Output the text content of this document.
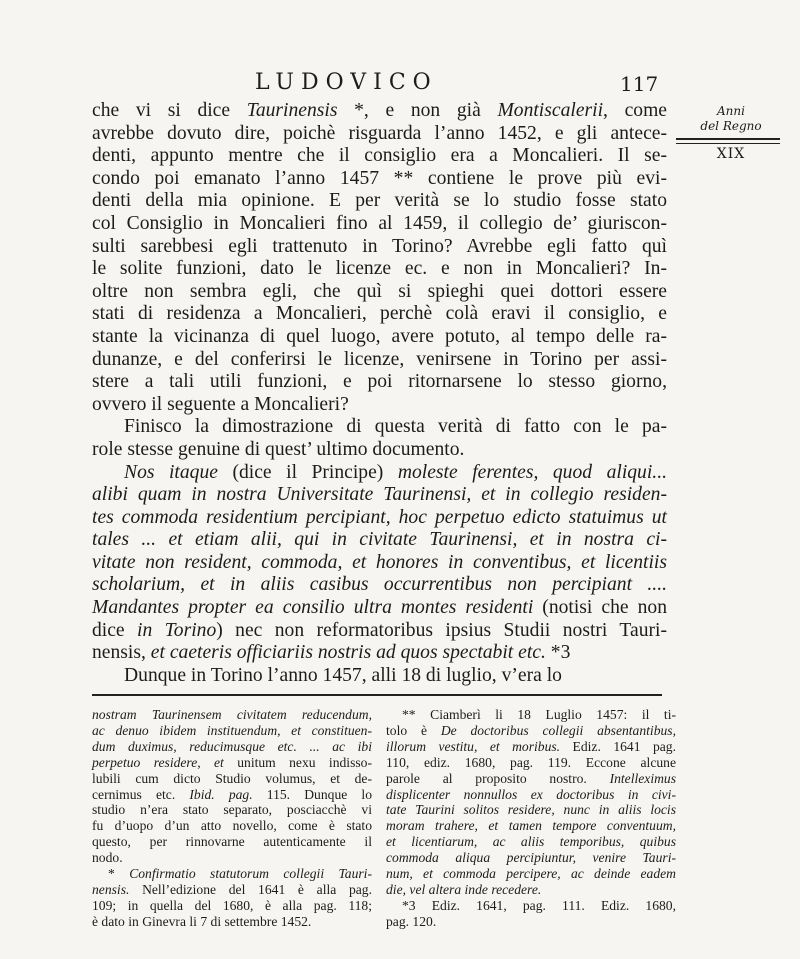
LUDOVICO	117
Anni
del Regno
XIX
che vi si dice Taurinensis *, e non già Montiscalerii, come
avrebbe dovuto dire, poichè risguarda l’anno 1452, e gli antece-
denti, appunto mentre che il consiglio era a Moncalieri. Il se-
condo poi emanato l’anno 1457 ** contiene le prove più evi-
denti della mia opinione. E per verità se lo studio fosse stato
col Consiglio in Moncalieri fino al 1459, il collegio de’ giuriscon-
sulti sarebbesi egli trattenuto in Torino? Avrebbe egli fatto quì
le solite funzioni, dato le licenze ec. e non in Moncalieri? In-
oltre non sembra egli, che quì si spieghi quei dottori essere
stati di residenza a Moncalieri, perchè colà eravi il consiglio, e
stante la vicinanza di quel luogo, avere potuto, al tempo delle ra-
dunanze, e del conferirsi le licenze, venirsene in Torino per assi-
stere a tali utili funzioni, e poi ritornarsene lo stesso giorno,
ovvero il seguente a Moncalieri?
Finisco la dimostrazione di questa verità di fatto con le pa-
role stesse genuine di quest’ ultimo documento.
Nos itaque (dice il Principe) moleste ferentes, quod aliqui...
alibi quam in nostra Universitate Taurinensi, et in collegio residen-
tes commoda residentium percipiant, hoc perpetuo edicto statuimus ut
tales ... et etiam alii, qui in civitate Taurinensi, et in nostra ci-
vitate non resident, commoda, et honores in conventibus, et licentiis
scholarium, et in aliis casibus occurrentibus non percipiant ....
Mandantes propter ea consilio ultra montes residenti (notisi che non
dice in Torino) nec non reformatoribus ipsius Studii nostri Tauri-
nensis, et caeteris officiariis nostris ad quos spectabit etc. *3
Dunque in Torino l’anno 1457, alli 18 di luglio, v’era lo
nostram Taurinensem civitatem reducendum,
ac denuo ibidem instituendum, et constituen-
dum duximus, reducimusque etc. ... ac ibi
perpetuo residere, et unitum nexu indisso-
lubili cum dicto Studio volumus, et de-
cernimus etc. Ibid. pag. 115. Dunque lo
studio n’era stato separato, posciacchè vi
fu d’uopo d’un atto novello, come è stato
questo, per rinnovarne autenticamente il
nodo.
* Confirmatio statutorum collegii Tauri-
nensis. Nell’edizione del 1641 è alla pag.
109; in quella del 1680, è alla pag. 118;
è dato in Ginevra li 7 di settembre 1452.
** Ciamberì li 18 Luglio 1457: il ti-
tolo è De doctoribus collegii absentantibus,
illorum vestitu, et moribus. Ediz. 1641 pag.
110, ediz. 1680, pag. 119. Eccone alcune
parole al proposito nostro. Intelleximus
displicenter nonnullos ex doctoribus in civi-
tate Taurini solitos residere, nunc in aliis locis
moram trahere, et tamen tempore conventuum,
et licentiarum, ac aliis temporibus, quibus
commoda aliqua percipiuntur, venire Tauri-
num, et commoda percipere, ac deinde eadem
die, vel altera inde recedere.
*3 Ediz. 1641, pag. 111. Ediz. 1680,
pag. 120.
